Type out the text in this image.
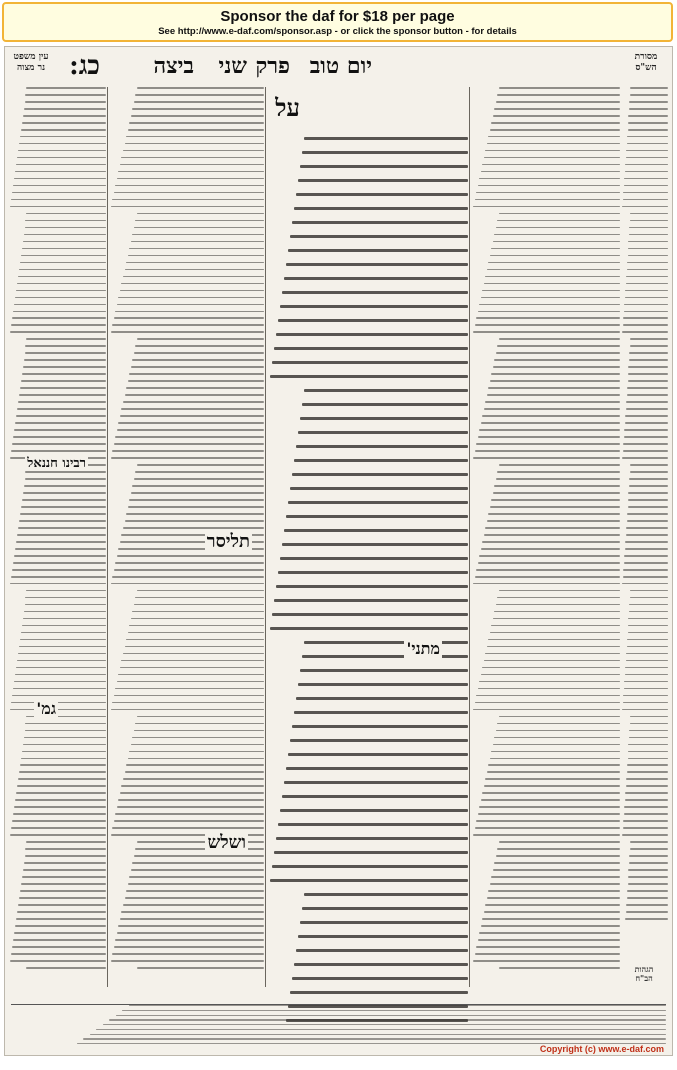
Sponsor the daf for $18 per page
See http://www.e-daf.com/sponsor.asp - or click the sponsor button - for details
מסורת
הש"ס
יום טוב
פרק
שני
ביצה
כג:
עין משפט
נר מצוה
על
רבינו חננאל
תליסר
מתני'
גמ'
ושלש
הגהות
הב"ח
Copyright (c) www.e-daf.com
